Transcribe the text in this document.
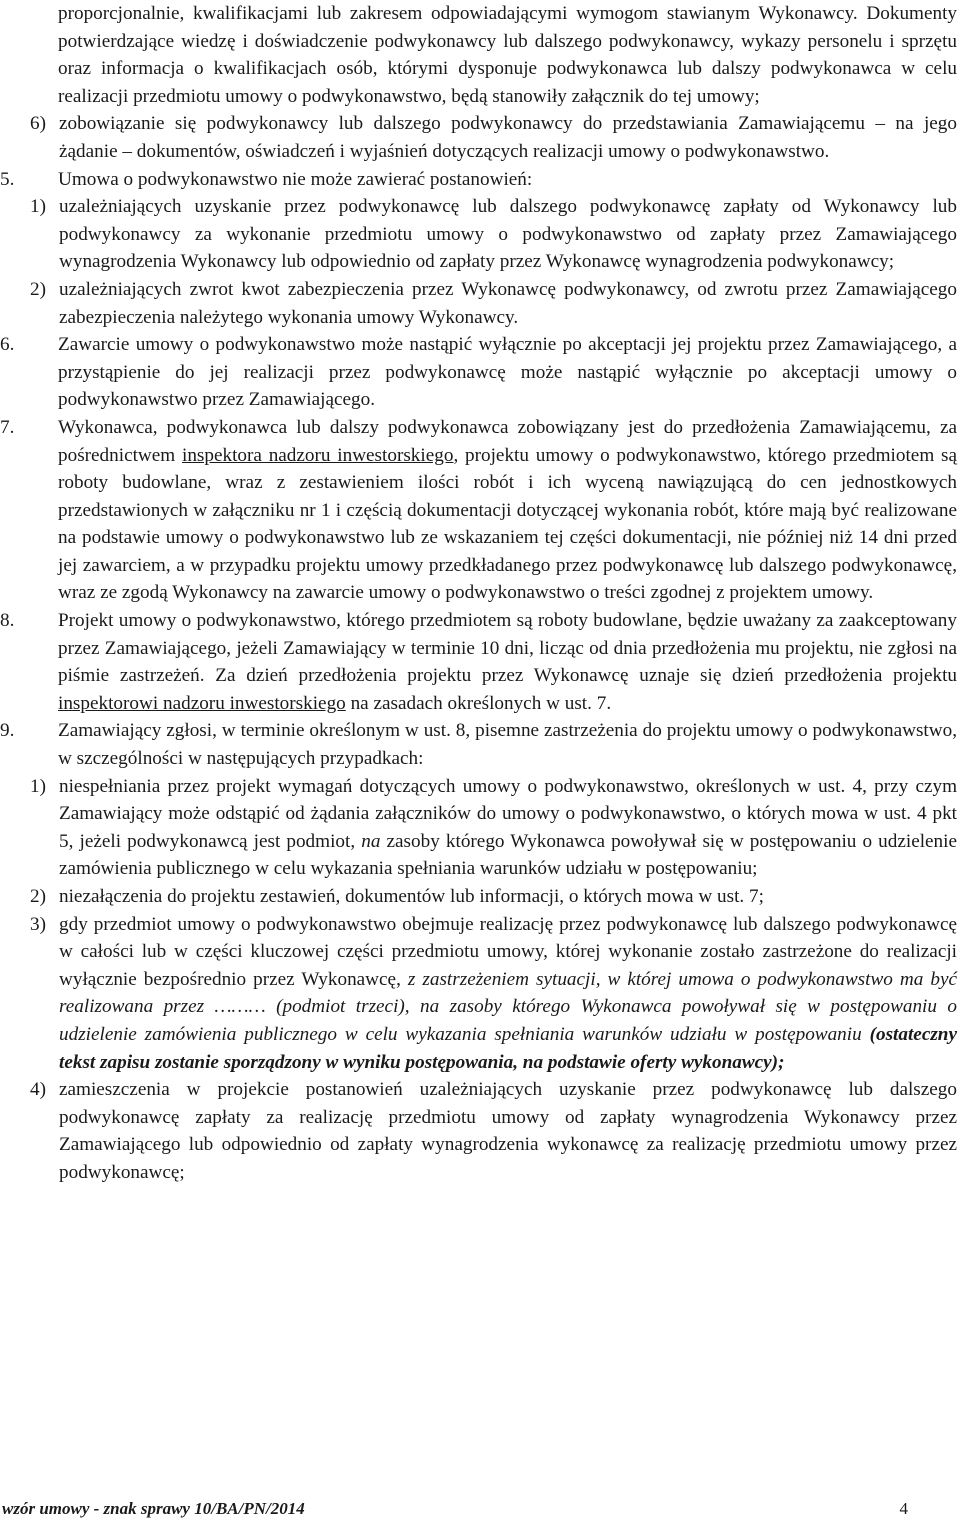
proporcjonalnie, kwalifikacjami lub zakresem odpowiadającymi wymogom stawianym Wykonawcy. Dokumenty potwierdzające wiedzę i doświadczenie podwykonawcy lub dalszego podwykonawcy, wykazy personelu i sprzętu oraz informacja o kwalifikacjach osób, którymi dysponuje podwykonawca lub dalszy podwykonawca w celu realizacji przedmiotu umowy o podwykonawstwo, będą stanowiły załącznik do tej umowy;

6) zobowiązanie się podwykonawcy lub dalszego podwykonawcy do przedstawiania Zamawiającemu – na jego żądanie – dokumentów, oświadczeń i wyjaśnień dotyczących realizacji umowy o podwykonawstwo.

5. Umowa o podwykonawstwo nie może zawierać postanowień:

1) uzależniających uzyskanie przez podwykonawcę lub dalszego podwykonawcę zapłaty od Wykonawcy lub podwykonawcy za wykonanie przedmiotu umowy o podwykonawstwo od zapłaty przez Zamawiającego wynagrodzenia Wykonawcy lub odpowiednio od zapłaty przez Wykonawcę wynagrodzenia podwykonawcy;

2) uzależniających zwrot kwot zabezpieczenia przez Wykonawcę podwykonawcy, od zwrotu przez Zamawiającego zabezpieczenia należytego wykonania umowy Wykonawcy.

6. Zawarcie umowy o podwykonawstwo może nastąpić wyłącznie po akceptacji jej projektu przez Zamawiającego, a przystąpienie do jej realizacji przez podwykonawcę może nastąpić wyłącznie po akceptacji umowy o podwykonawstwo przez Zamawiającego.

7. Wykonawca, podwykonawca lub dalszy podwykonawca zobowiązany jest do przedłożenia Zamawiającemu, za pośrednictwem inspektora nadzoru inwestorskiego, projektu umowy o podwykonawstwo, którego przedmiotem są roboty budowlane, wraz z zestawieniem ilości robót i ich wyceną nawiązującą do cen jednostkowych przedstawionych w załączniku nr 1 i częścią dokumentacji dotyczącej wykonania robót, które mają być realizowane na podstawie umowy o podwykonawstwo lub ze wskazaniem tej części dokumentacji, nie później niż 14 dni przed jej zawarciem, a w przypadku projektu umowy przedkładanego przez podwykonawcę lub dalszego podwykonawcę, wraz ze zgodą Wykonawcy na zawarcie umowy o podwykonawstwo o treści zgodnej z projektem umowy.

8. Projekt umowy o podwykonawstwo, którego przedmiotem są roboty budowlane, będzie uważany za zaakceptowany przez Zamawiającego, jeżeli Zamawiający w terminie 10 dni, licząc od dnia przedłożenia mu projektu, nie zgłosi na piśmie zastrzeżeń. Za dzień przedłożenia projektu przez Wykonawcę uznaje się dzień przedłożenia projektu inspektorowi nadzoru inwestorskiego na zasadach określonych w ust. 7.

9. Zamawiający zgłosi, w terminie określonym w ust. 8, pisemne zastrzeżenia do projektu umowy o podwykonawstwo, w szczególności w następujących przypadkach:

1) niespełniania przez projekt wymagań dotyczących umowy o podwykonawstwo, określonych w ust. 4, przy czym Zamawiający może odstąpić od żądania załączników do umowy o podwykonawstwo, o których mowa w ust. 4 pkt 5, jeżeli podwykonawcą jest podmiot, na zasoby którego Wykonawca powoływał się w postępowaniu o udzielenie zamówienia publicznego w celu wykazania spełniania warunków udziału w postępowaniu;

2) niezałączenia do projektu zestawień, dokumentów lub informacji, o których mowa w ust. 7;

3) gdy przedmiot umowy o podwykonawstwo obejmuje realizację przez podwykonawcę lub dalszego podwykonawcę w całości lub w części kluczowej części przedmiotu umowy, której wykonanie zostało zastrzeżone do realizacji wyłącznie bezpośrednio przez Wykonawcę, z zastrzeżeniem sytuacji, w której umowa o podwykonawstwo ma być realizowana przez ……… (podmiot trzeci), na zasoby którego Wykonawca powoływał się w postępowaniu o udzielenie zamówienia publicznego w celu wykazania spełniania warunków udziału w postępowaniu (ostateczny tekst zapisu zostanie sporządzony w wyniku postępowania, na podstawie oferty wykonawcy);

4) zamieszczenia w projekcie postanowień uzależniających uzyskanie przez podwykonawcę lub dalszego podwykonawcę zapłaty za realizację przedmiotu umowy od zapłaty wynagrodzenia Wykonawcy przez Zamawiającego lub odpowiednio od zapłaty wynagrodzenia wykonawcę za realizację przedmiotu umowy przez podwykonawcę;

wzór umowy - znak sprawy 10/BA/PN/2014	4
